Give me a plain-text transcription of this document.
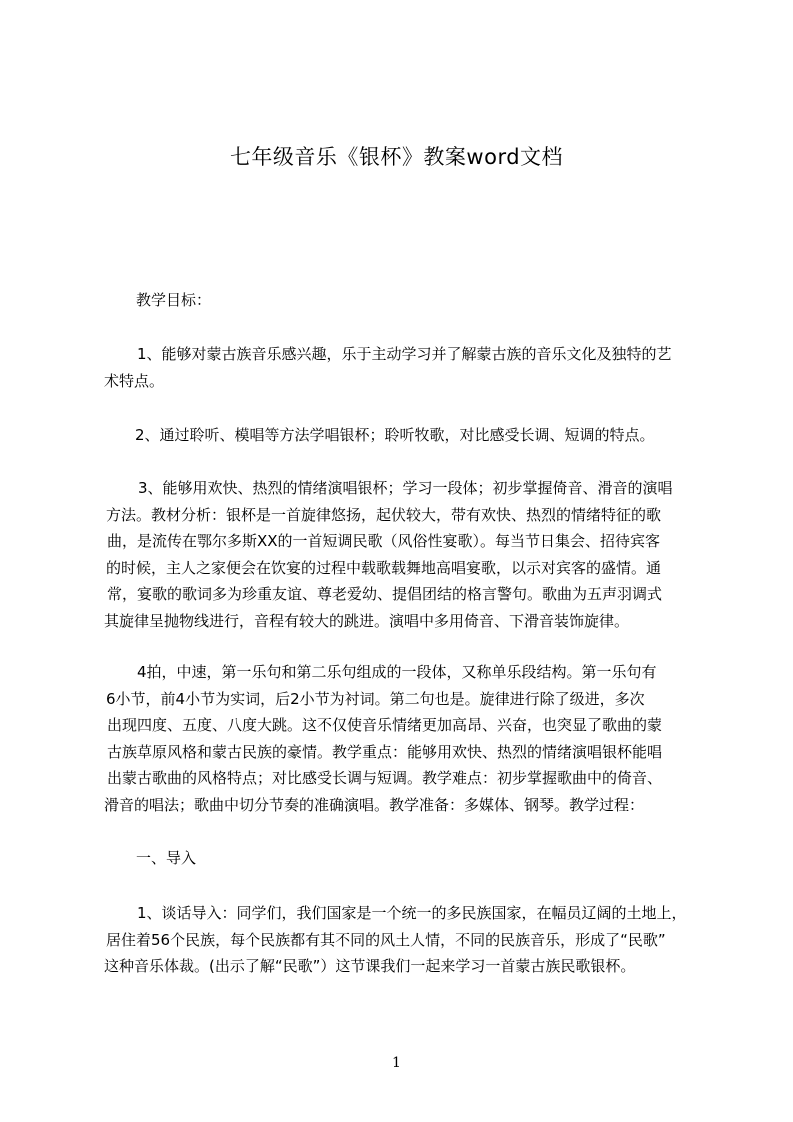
七年级音乐《银杯》教案word文档
教学目标：
1、能够对蒙古族音乐感兴趣，乐于主动学习并了解蒙古族的音乐文化及独特的艺
术特点。
2、通过聆听、模唱等方法学唱银杯；聆听牧歌，对比感受长调、短调的特点。
3、能够用欢快、热烈的情绪演唱银杯；学习一段体；初步掌握倚音、滑音的演唱
方法。教材分析：银杯是一首旋律悠扬，起伏较大，带有欢快、热烈的情绪特征的歌
曲，是流传在鄂尔多斯XX的一首短调民歌（风俗性宴歌）。每当节日集会、招待宾客
的时候，主人之家便会在饮宴的过程中载歌载舞地高唱宴歌，以示对宾客的盛情。通
常，宴歌的歌词多为珍重友谊、尊老爱幼、提倡团结的格言警句。歌曲为五声羽调式
其旋律呈抛物线进行，音程有较大的跳进。演唱中多用倚音、下滑音装饰旋律。
4拍，中速，第一乐句和第二乐句组成的一段体，又称单乐段结构。第一乐句有
6小节，前4小节为实词，后2小节为衬词。第二句也是。旋律进行除了级进，多次
出现四度、五度、八度大跳。这不仅使音乐情绪更加高昂、兴奋，也突显了歌曲的蒙
古族草原风格和蒙古民族的豪情。教学重点：能够用欢快、热烈的情绪演唱银杯能唱
出蒙古歌曲的风格特点；对比感受长调与短调。教学难点：初步掌握歌曲中的倚音、
滑音的唱法；歌曲中切分节奏的准确演唱。教学准备：多媒体、钢琴。教学过程：
一、导入
1、谈话导入：同学们，我们国家是一个统一的多民族国家，在幅员辽阔的土地上，
居住着56个民族，每个民族都有其不同的风土人情，不同的民族音乐，形成了“民歌”
这种音乐体裁。(出示了解“民歌”）这节课我们一起来学习一首蒙古族民歌银杯。
1
